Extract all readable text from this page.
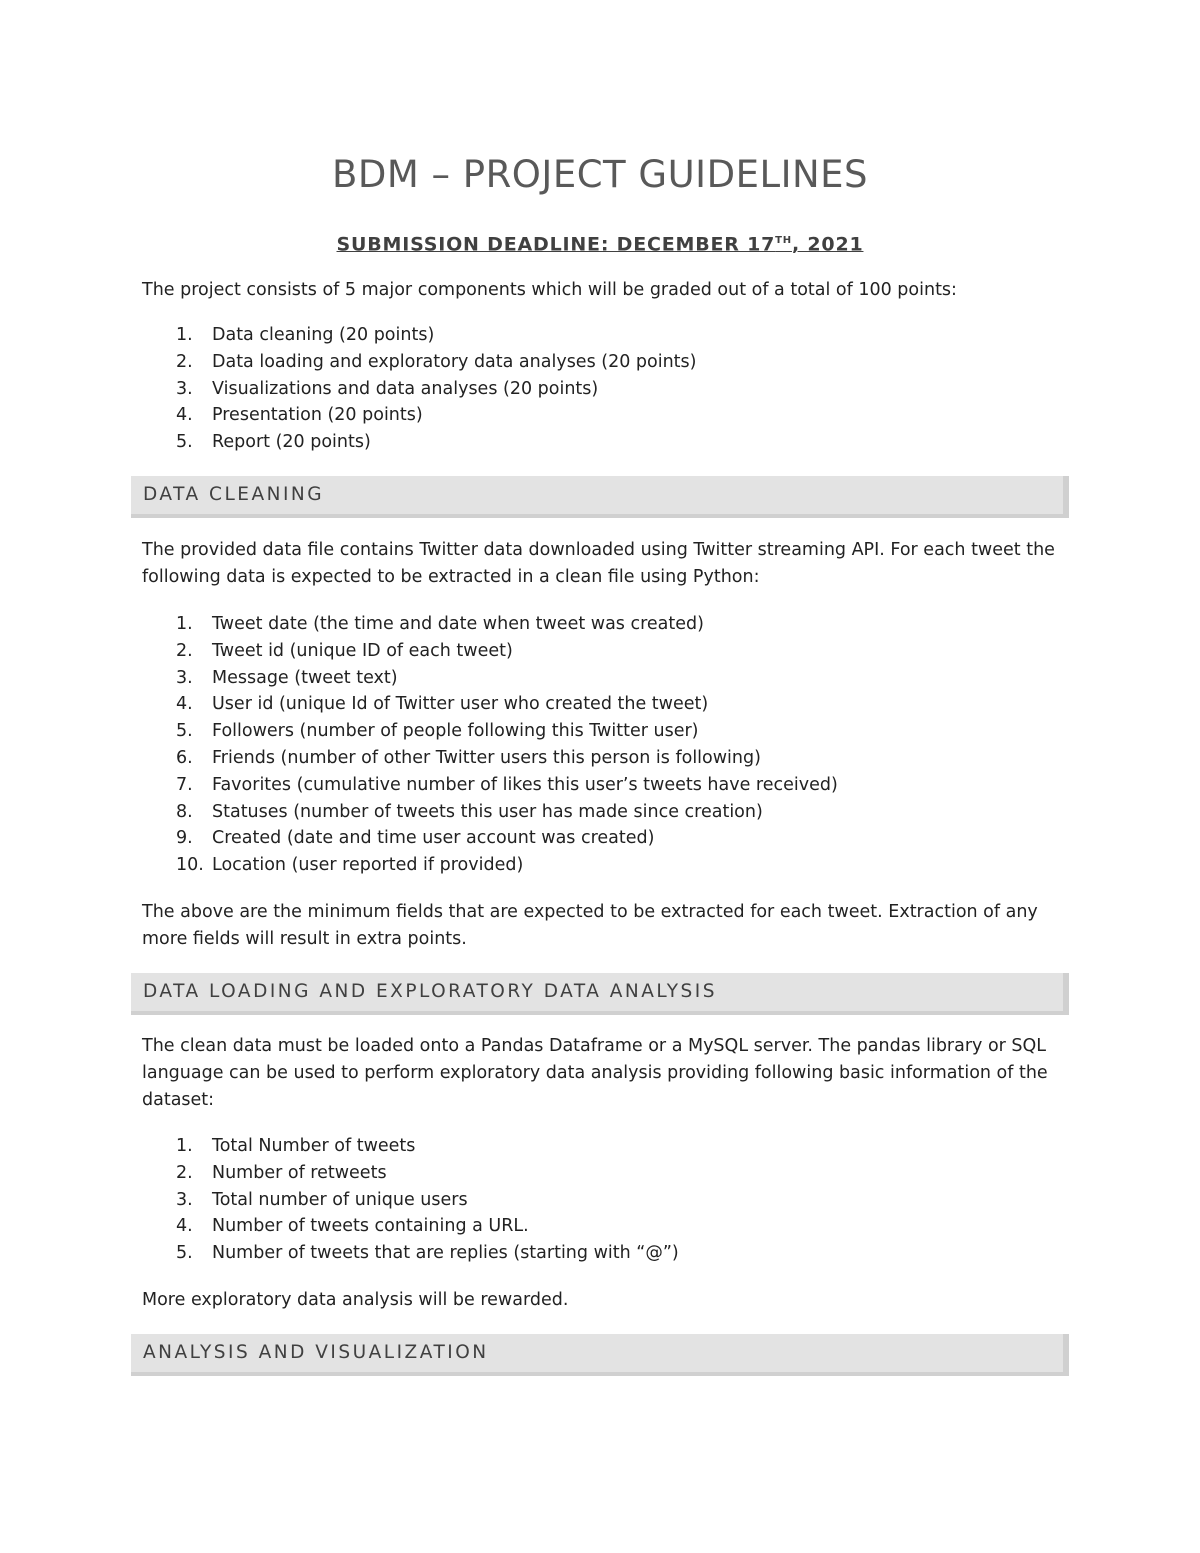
BDM – PROJECT GUIDELINES
SUBMISSION DEADLINE: DECEMBER 17TH, 2021

The project consists of 5 major components which will be graded out of a total of 100 points:

1. Data cleaning (20 points)
2. Data loading and exploratory data analyses (20 points)
3. Visualizations and data analyses (20 points)
4. Presentation (20 points)
5. Report (20 points)
DATA CLEANING

The provided data file contains Twitter data downloaded using Twitter streaming API. For each tweet the following data is expected to be extracted in a clean file using Python:

1. Tweet date (the time and date when tweet was created)
2. Tweet id (unique ID of each tweet)
3. Message (tweet text)
4. User id (unique Id of Twitter user who created the tweet)
5. Followers (number of people following this Twitter user)
6. Friends (number of other Twitter users this person is following)
7. Favorites (cumulative number of likes this user’s tweets have received)
8. Statuses (number of tweets this user has made since creation)
9. Created (date and time user account was created)
10. Location (user reported if provided)

The above are the minimum fields that are expected to be extracted for each tweet. Extraction of any more fields will result in extra points.

DATA LOADING AND EXPLORATORY DATA ANALYSIS

The clean data must be loaded onto a Pandas Dataframe or a MySQL server. The pandas library or SQL language can be used to perform exploratory data analysis providing following basic information of the dataset:

1. Total Number of tweets
2. Number of retweets
3. Total number of unique users
4. Number of tweets containing a URL.
5. Number of tweets that are replies (starting with “@”)

More exploratory data analysis will be rewarded.

ANALYSIS AND VISUALIZATION
